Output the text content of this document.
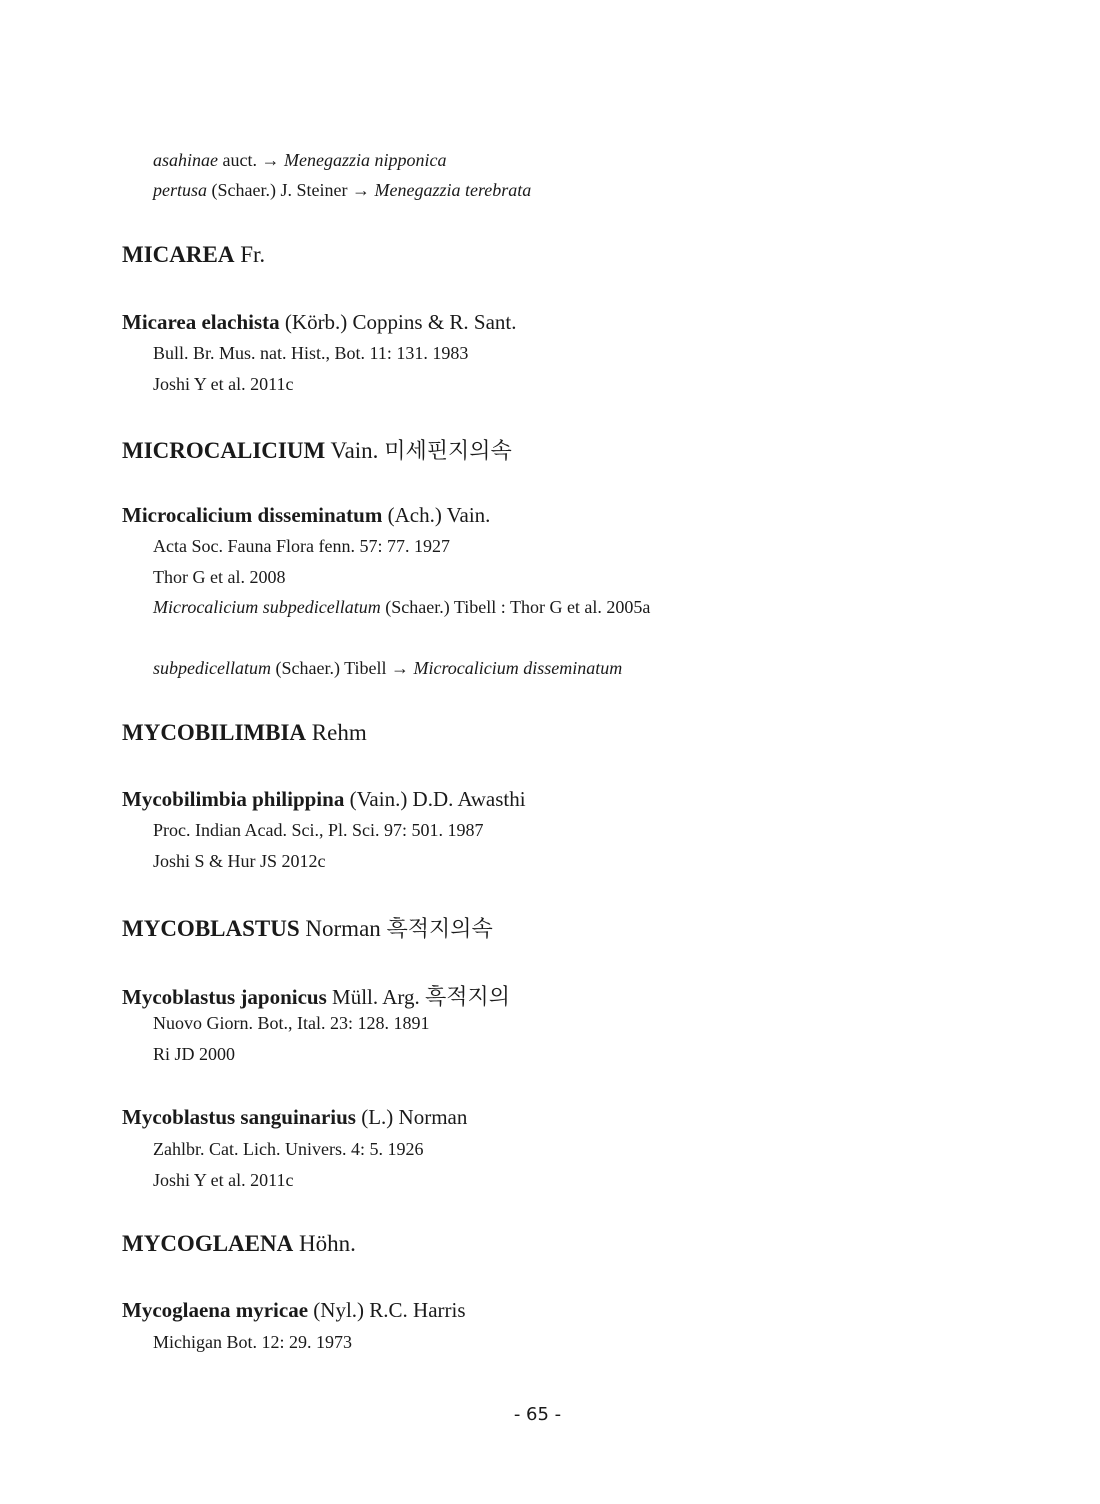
asahinae auct. → Menegazzia nipponica
pertusa (Schaer.) J. Steiner → Menegazzia terebrata
MICAREA Fr.
Micarea elachista (Körb.) Coppins & R. Sant.
Bull. Br. Mus. nat. Hist., Bot. 11: 131. 1983
Joshi Y et al. 2011c
MICROCALICIUM Vain. 미세핀지의속
Microcalicium disseminatum (Ach.) Vain.
Acta Soc. Fauna Flora fenn. 57: 77. 1927
Thor G et al. 2008
Microcalicium subpedicellatum (Schaer.) Tibell : Thor G et al. 2005a
subpedicellatum (Schaer.) Tibell → Microcalicium disseminatum
MYCOBILIMBIA Rehm
Mycobilimbia philippina (Vain.) D.D. Awasthi
Proc. Indian Acad. Sci., Pl. Sci. 97: 501. 1987
Joshi S & Hur JS 2012c
MYCOBLASTUS Norman 흑적지의속
Mycoblastus japonicus Müll. Arg. 흑적지의
Nuovo Giorn. Bot., Ital. 23: 128. 1891
Ri JD 2000
Mycoblastus sanguinarius (L.) Norman
Zahlbr. Cat. Lich. Univers. 4: 5. 1926
Joshi Y et al. 2011c
MYCOGLAENA Höhn.
Mycoglaena myricae (Nyl.) R.C. Harris
Michigan Bot. 12: 29. 1973
- 65 -
